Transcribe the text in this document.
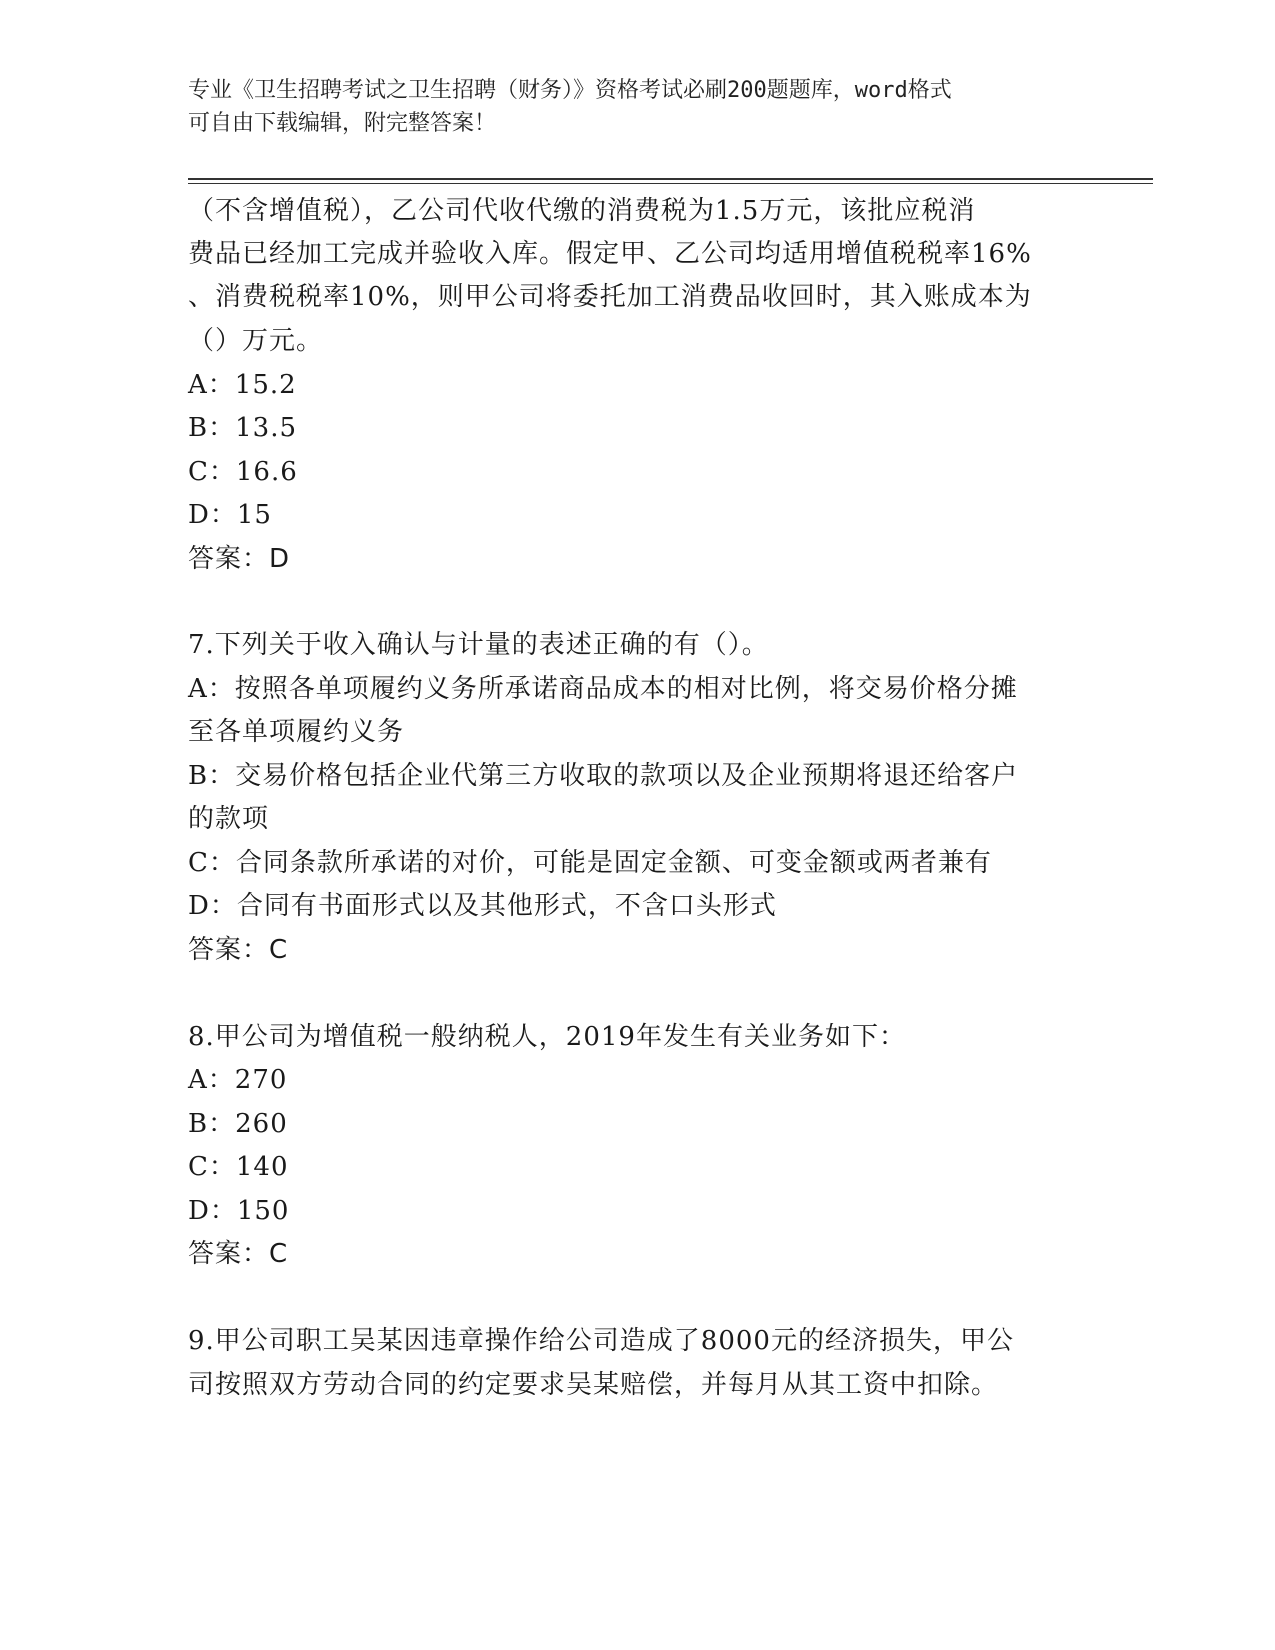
专业《卫生招聘考试之卫生招聘（财务）》资格考试必刷200题题库，word格式
可自由下载编辑，附完整答案！
（不含增值税），乙公司代收代缴的消费税为1.5万元，该批应税消
费品已经加工完成并验收入库。假定甲、乙公司均适用增值税税率16%
、消费税税率10%，则甲公司将委托加工消费品收回时，其入账成本为
（）万元。
A：15.2
B：13.5
C：16.6
D：15
答案：D
7.下列关于收入确认与计量的表述正确的有（）。
A：按照各单项履约义务所承诺商品成本的相对比例，将交易价格分摊
至各单项履约义务
B：交易价格包括企业代第三方收取的款项以及企业预期将退还给客户
的款项
C：合同条款所承诺的对价，可能是固定金额、可变金额或两者兼有
D：合同有书面形式以及其他形式，不含口头形式
答案：C
8.甲公司为增值税一般纳税人，2019年发生有关业务如下：
A：270
B：260
C：140
D：150
答案：C
9.甲公司职工吴某因违章操作给公司造成了8000元的经济损失，甲公
司按照双方劳动合同的约定要求吴某赔偿，并每月从其工资中扣除。
